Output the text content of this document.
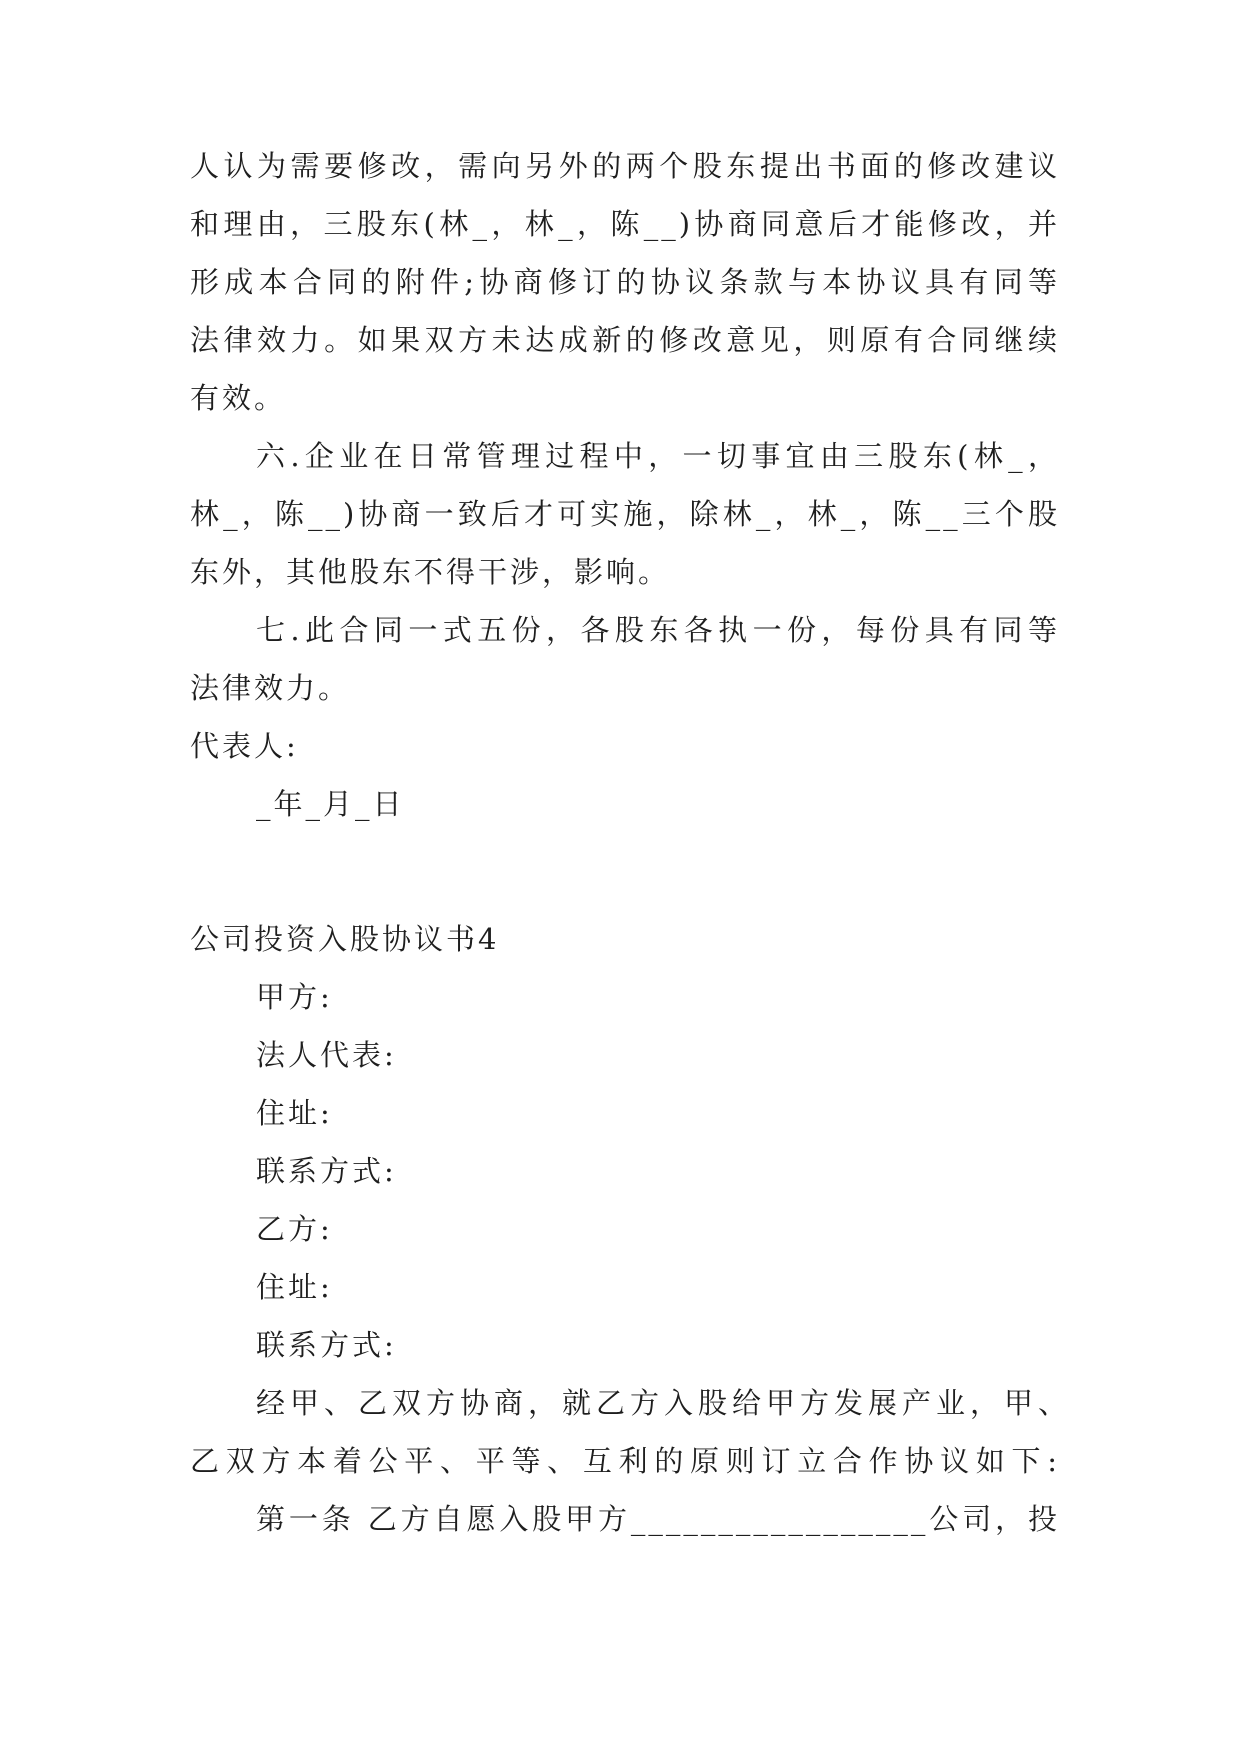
人认为需要修改，需向另外的两个股东提出书面的修改建议
和理由，三股东(林_，林_，陈__)协商同意后才能修改，并
形成本合同的附件;协商修订的协议条款与本协议具有同等
法律效力。如果双方未达成新的修改意见，则原有合同继续
有效。
六.企业在日常管理过程中，一切事宜由三股东(林_，
林_，陈__)协商一致后才可实施，除林_，林_，陈__三个股
东外，其他股东不得干涉，影响。
七.此合同一式五份，各股东各执一份，每份具有同等
法律效力。
代表人:
_年_月_日
公司投资入股协议书4
甲方:
法人代表:
住址:
联系方式:
乙方:
住址:
联系方式:
经甲、乙双方协商，就乙方入股给甲方发展产业，甲、
乙双方本着公平、平等、互利的原则订立合作协议如下:
第一条 乙方自愿入股甲方_________________公司，投
